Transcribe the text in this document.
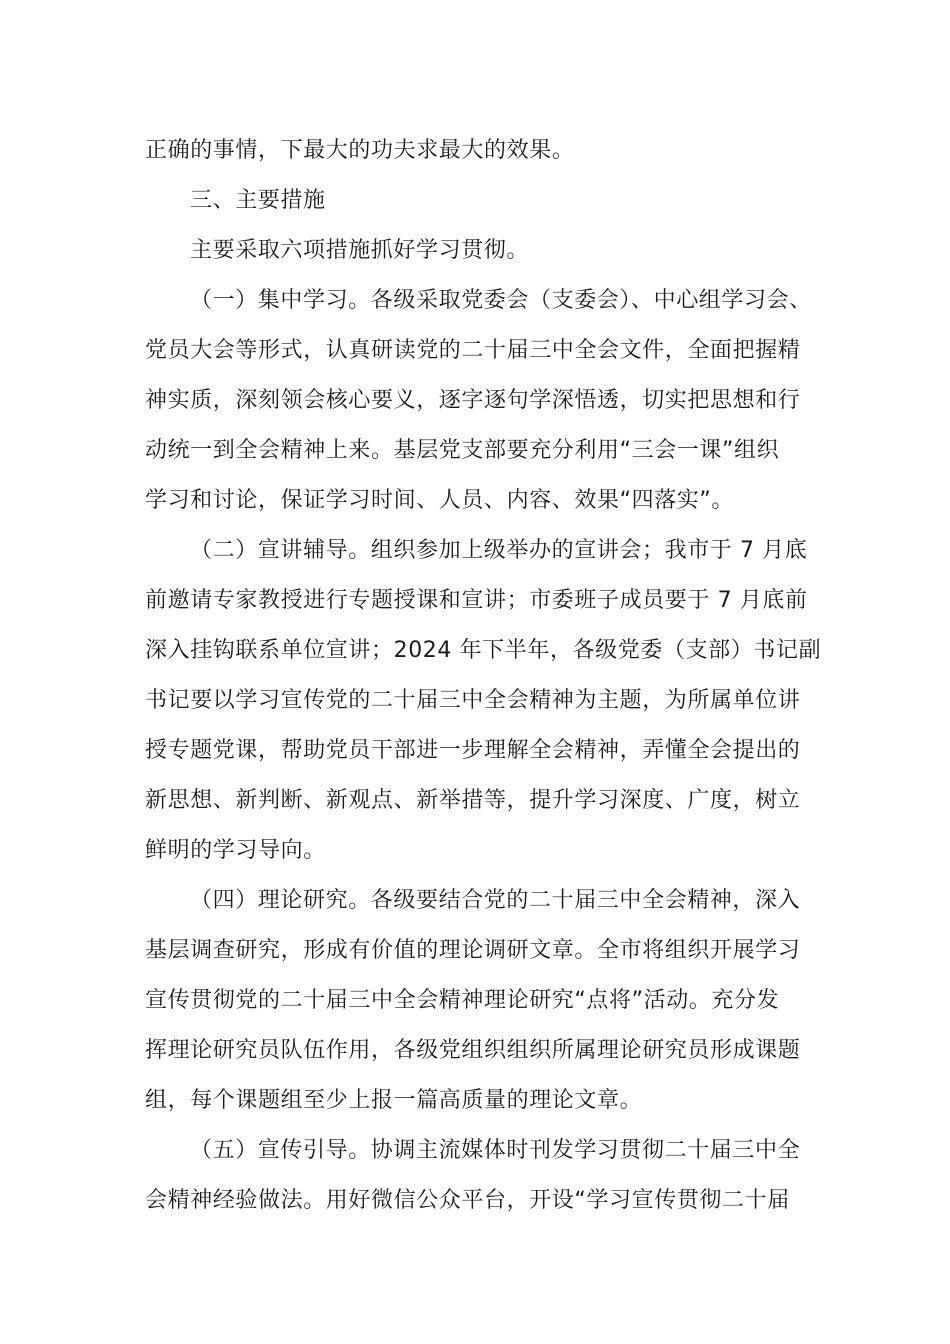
正确的事情，下最大的功夫求最大的效果。
三、主要措施
主要采取六项措施抓好学习贯彻。
（一）集中学习。各级采取党委会（支委会）、中心组学习会、
党员大会等形式，认真研读党的二十届三中全会文件，全面把握精
神实质，深刻领会核心要义，逐字逐句学深悟透，切实把思想和行
动统一到全会精神上来。基层党支部要充分利用“三会一课”组织
学习和讨论，保证学习时间、人员、内容、效果“四落实”。
（二）宣讲辅导。组织参加上级举办的宣讲会；我市于 7 月底
前邀请专家教授进行专题授课和宣讲；市委班子成员要于 7 月底前
深入挂钩联系单位宣讲；2024 年下半年，各级党委（支部）书记副
书记要以学习宣传党的二十届三中全会精神为主题，为所属单位讲
授专题党课，帮助党员干部进一步理解全会精神，弄懂全会提出的
新思想、新判断、新观点、新举措等，提升学习深度、广度，树立
鲜明的学习导向。
（四）理论研究。各级要结合党的二十届三中全会精神，深入
基层调查研究，形成有价值的理论调研文章。全市将组织开展学习
宣传贯彻党的二十届三中全会精神理论研究“点将”活动。充分发
挥理论研究员队伍作用，各级党组织组织所属理论研究员形成课题
组，每个课题组至少上报一篇高质量的理论文章。
（五）宣传引导。协调主流媒体时刊发学习贯彻二十届三中全
会精神经验做法。用好微信公众平台，开设“学习宣传贯彻二十届
